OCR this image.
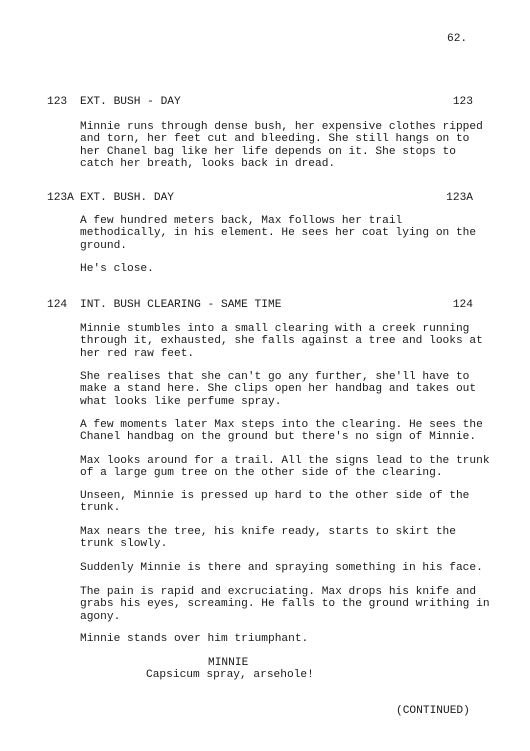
62.
123 EXT. BUSH - DAY	123
Minnie runs through dense bush, her expensive clothes ripped
and torn, her feet cut and bleeding. She still hangs on to
her Chanel bag like her life depends on it. She stops to
catch her breath, looks back in dread.
123A EXT. BUSH. DAY	123A
A few hundred meters back, Max follows her trail
methodically, in his element. He sees her coat lying on the
ground.
He's close.
124 INT. BUSH CLEARING - SAME TIME	124
Minnie stumbles into a small clearing with a creek running
through it, exhausted, she falls against a tree and looks at
her red raw feet.
She realises that she can't go any further, she'll have to
make a stand here. She clips open her handbag and takes out
what looks like perfume spray.
A few moments later Max steps into the clearing. He sees the
Chanel handbag on the ground but there's no sign of Minnie.
Max looks around for a trail. All the signs lead to the trunk
of a large gum tree on the other side of the clearing.
Unseen, Minnie is pressed up hard to the other side of the
trunk.
Max nears the tree, his knife ready, starts to skirt the
trunk slowly.
Suddenly Minnie is there and spraying something in his face.
The pain is rapid and excruciating. Max drops his knife and
grabs his eyes, screaming. He falls to the ground writhing in
agony.
Minnie stands over him triumphant.
MINNIE
Capsicum spray, arsehole!
(CONTINUED)
